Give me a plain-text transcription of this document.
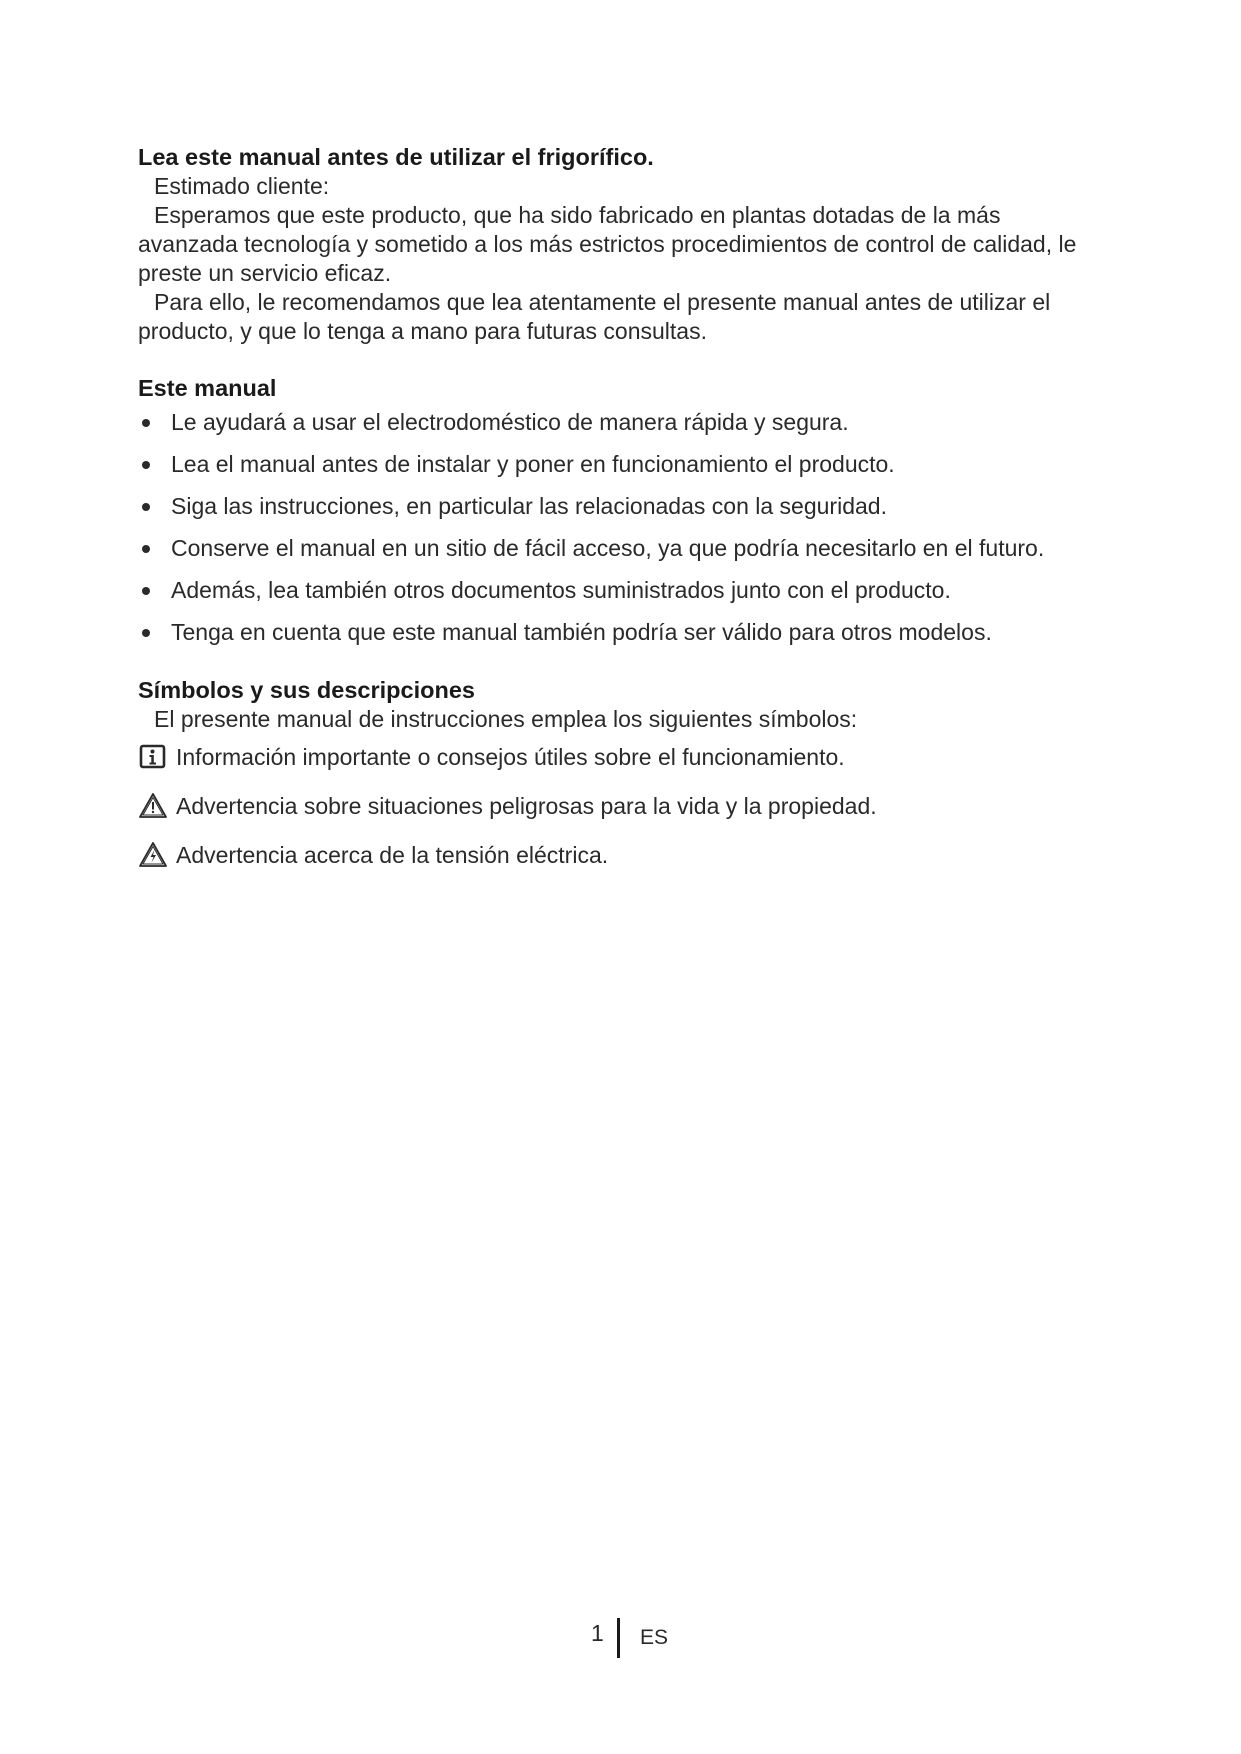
Lea este manual antes de utilizar el frigorífico.

Estimado cliente:

Esperamos que este producto, que ha sido fabricado en plantas dotadas de la más
avanzada tecnología y sometido a los más estrictos procedimientos de control de calidad, le preste un servicio eficaz.

Para ello, le recomendamos que lea atentamente el presente manual antes de utilizar el
producto, y que lo tenga a mano para futuras consultas.

Este manual
Le ayudará a usar el electrodoméstico de manera rápida y segura.
Lea el manual antes de instalar y poner en funcionamiento el producto.
Siga las instrucciones, en particular las relacionadas con la seguridad.
Conserve el manual en un sitio de fácil acceso, ya que podría necesitarlo en el futuro.
Además, lea también otros documentos suministrados junto con el producto.
Tenga en cuenta que este manual también podría ser válido para otros modelos.
Símbolos y sus descripciones

El presente manual de instrucciones emplea los siguientes símbolos:

Información importante o consejos útiles sobre el funcionamiento.
Advertencia sobre situaciones peligrosas para la vida y la propiedad.
Advertencia acerca de la tensión eléctrica.
1 ES
